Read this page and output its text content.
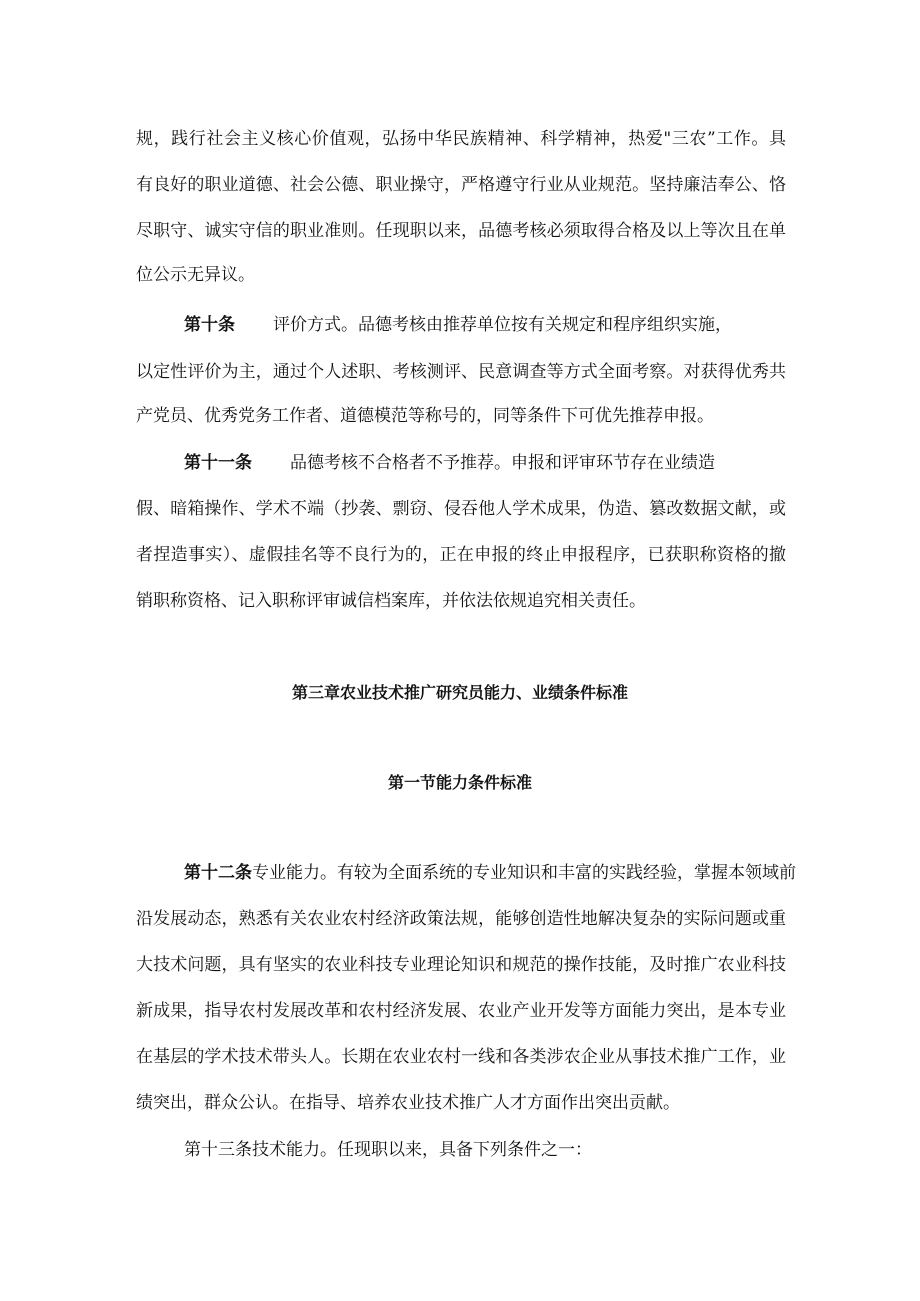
规，践行社会主义核心价值观，弘扬中华民族精神、科学精神，热爱"三农”工作。具
有良好的职业道德、社会公德、职业操守，严格遵守行业从业规范。坚持廉洁奉公、恪
尽职守、诚实守信的职业准则。任现职以来，品德考核必须取得合格及以上等次且在单
位公示无异议。
第十条 评价方式。品德考核由推荐单位按有关规定和程序组织实施，
以定性评价为主，通过个人述职、考核测评、民意调查等方式全面考察。对获得优秀共
产党员、优秀党务工作者、道德模范等称号的，同等条件下可优先推荐申报。
第十一条 品德考核不合格者不予推荐。申报和评审环节存在业绩造
假、暗箱操作、学术不端（抄袭、剽窃、侵吞他人学术成果，伪造、篡改数据文献，或
者捏造事实）、虚假挂名等不良行为的，正在申报的终止申报程序，已获职称资格的撤
销职称资格、记入职称评审诚信档案库，并依法依规追究相关责任。
第三章农业技术推广研究员能力、业绩条件标准
第一节能力条件标准
第十二条专业能力。有较为全面系统的专业知识和丰富的实践经验，掌握本领域前
沿发展动态，熟悉有关农业农村经济政策法规，能够创造性地解决复杂的实际问题或重
大技术问题，具有坚实的农业科技专业理论知识和规范的操作技能，及时推广农业科技
新成果，指导农村发展改革和农村经济发展、农业产业开发等方面能力突出，是本专业
在基层的学术技术带头人。长期在农业农村一线和各类涉农企业从事技术推广工作，业
绩突出，群众公认。在指导、培养农业技术推广人才方面作出突出贡献。
第十三条技术能力。任现职以来，具备下列条件之一：
